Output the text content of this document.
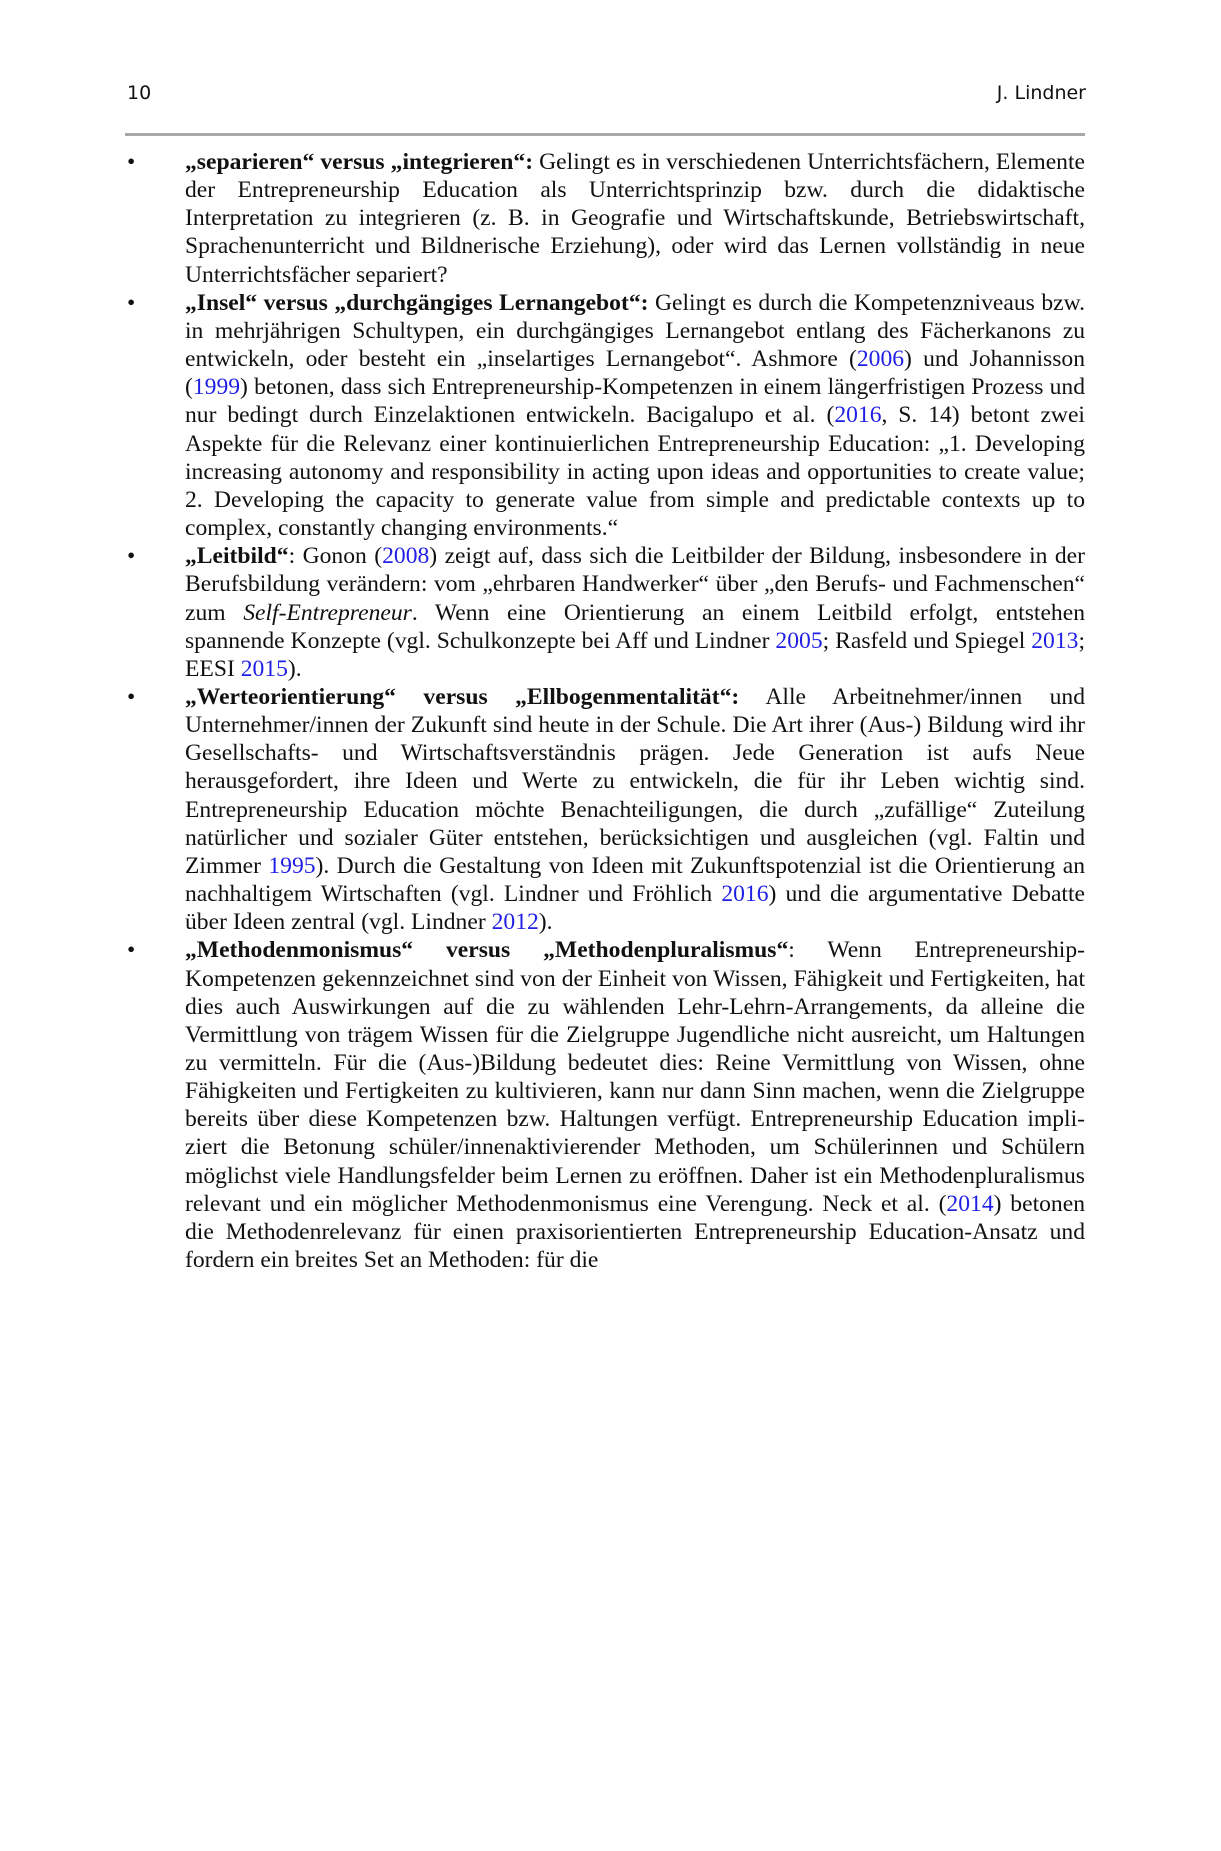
10	J. Lindner
• „separieren“ versus „integrieren“: Gelingt es in verschiedenen Unterrichtsfächern, Elemente der Entrepreneurship Education als Unterrichtsprinzip bzw. durch die didaktische Interpretation zu integrieren (z. B. in Geografie und Wirtschaftskunde, Betriebswirtschaft, Sprachenunterricht und Bildnerische Erziehung), oder wird das Lernen vollständig in neue Unterrichtsfächer separiert?
• „Insel“ versus „durchgängiges Lernangebot“: Gelingt es durch die Kompetenzniveaus bzw. in mehrjährigen Schultypen, ein durchgängiges Lernangebot entlang des Fächerkanons zu entwickeln, oder besteht ein „inselartiges Lernangebot“. Ashmore (2006) und Johannisson (1999) betonen, dass sich Entrepreneurship-Kompetenzen in einem längerfristigen Prozess und nur bedingt durch Einzelaktionen entwickeln. Bacigalupo et al. (2016, S. 14) betont zwei Aspekte für die Relevanz einer kontinuierlichen Entrepreneurship Education: „1. Developing increasing autonomy and responsibility in acting upon ideas and opportunities to create value; 2. Developing the capacity to generate value from simple and predictable contexts up to complex, constantly changing environments.“
• „Leitbild“: Gonon (2008) zeigt auf, dass sich die Leitbilder der Bildung, insbesondere in der Berufsbildung verändern: vom „ehrbaren Handwerker“ über „den Berufs- und Fachmenschen“ zum Self-Entrepreneur. Wenn eine Orientierung an einem Leitbild erfolgt, entstehen spannende Konzepte (vgl. Schulkonzepte bei Aff und Lindner 2005; Rasfeld und Spiegel 2013; EESI 2015).
• „Werteorientierung“ versus „Ellbogenmentalität“: Alle Arbeitnehmer/innen und Unternehmer/innen der Zukunft sind heute in der Schule. Die Art ihrer (Aus-) Bildung wird ihr Gesellschafts- und Wirtschaftsverständnis prägen. Jede Generation ist aufs Neue herausgefordert, ihre Ideen und Werte zu entwickeln, die für ihr Leben wichtig sind. Entrepreneurship Education möchte Benachteiligungen, die durch „zufällige“ Zuteilung natürlicher und sozialer Güter entstehen, berücksichtigen und ausgleichen (vgl. Faltin und Zimmer 1995). Durch die Gestaltung von Ideen mit Zukunftspotenzial ist die Orientierung an nachhaltigem Wirtschaften (vgl. Lindner und Fröhlich 2016) und die argumentative Debatte über Ideen zentral (vgl. Lindner 2012).
• „Methodenmonismus“ versus „Methodenpluralismus“: Wenn Entrepreneurship-Kompetenzen gekennzeichnet sind von der Einheit von Wissen, Fähigkeit und Fertigkeiten, hat dies auch Auswirkungen auf die zu wählenden Lehr-Lehrn-Arrangements, da alleine die Vermittlung von trägem Wissen für die Zielgruppe Jugendliche nicht ausreicht, um Haltungen zu vermitteln. Für die (Aus-)Bildung bedeutet dies: Reine Vermittlung von Wissen, ohne Fähigkeiten und Fertigkeiten zu kultivieren, kann nur dann Sinn machen, wenn die Zielgruppe bereits über diese Kompetenzen bzw. Haltungen verfügt. Entrepreneurship Education impliziert die Betonung schüler/innenaktivierender Methoden, um Schülerinnen und Schülern möglichst viele Handlungsfelder beim Lernen zu eröffnen. Daher ist ein Methodenpluralismus relevant und ein möglicher Methodenmonismus eine Verengung. Neck et al. (2014) betonen die Methodenrelevanz für einen praxisorientierten Entrepreneurship Education-Ansatz und fordern ein breites Set an Methoden: für die
